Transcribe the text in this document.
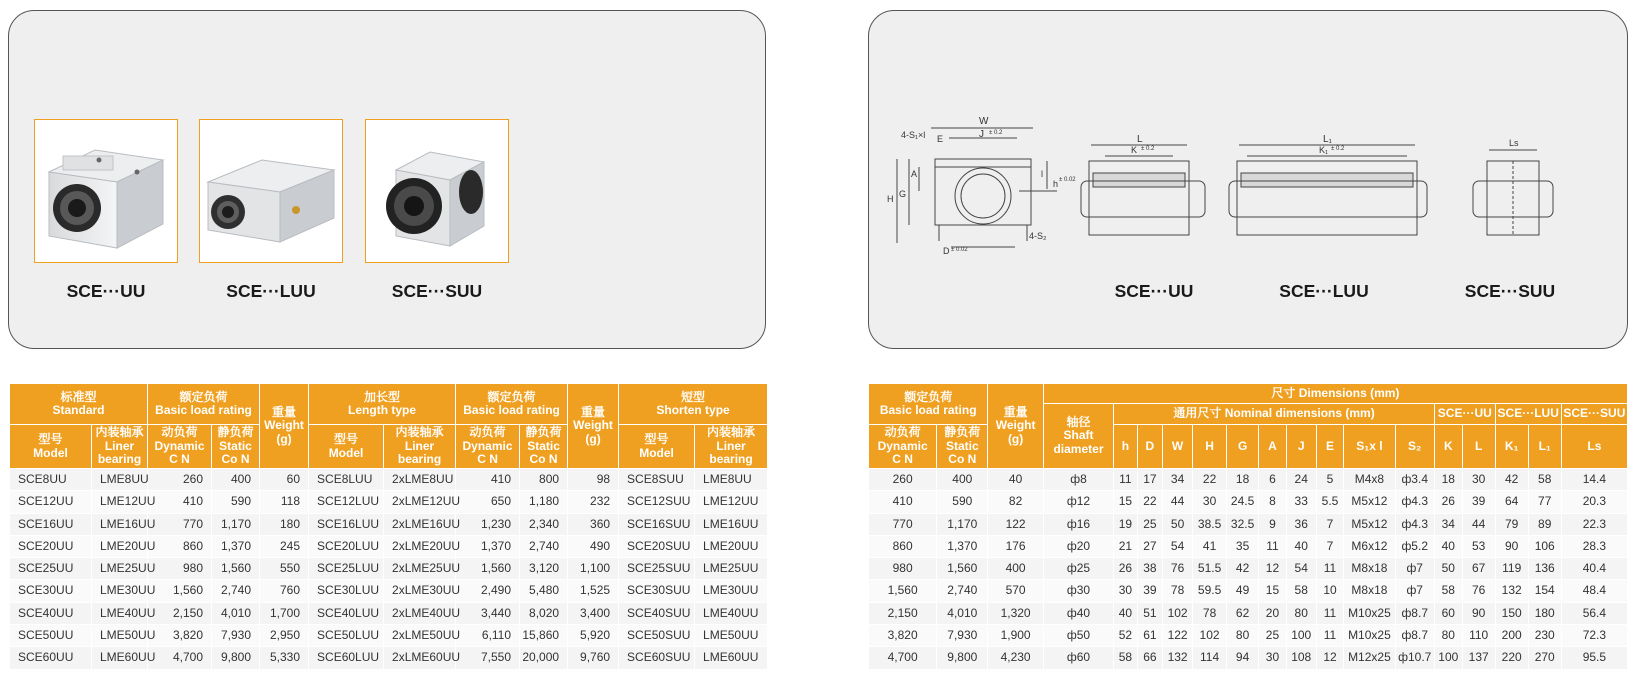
SCE···UU	SCE···LUU	SCE···SUU
W
J ± 0.2
4-S₁×l E
H G
A	l
h ± 0.02
D ± 0.02
4-S₂
L
K ± 0.2
L₁
K₁ ± 0.2
Ls
SCE···UU	SCE···LUU	SCE···SUU
标准型
Standard		额定负荷
Basic load rating		重量
Weight
(g)	加长型
Length type		额定负荷
Basic load rating		重量
Weight
(g)	短型
Shorten type	
型号
Model	内装轴承
Liner
bearing	动负荷
Dynamic
C N	静负荷
Static
Co N		型号
Model	内装轴承
Liner
bearing	动负荷
Dynamic
C N	静负荷
Static
Co N		型号
Model	内装轴承
Liner
bearing
SCE8UU	LME8UU	260	400	60	SCE8LUU	2xLME8UU	410	800	98	SCE8SUU	LME8UU
SCE12UU	LME12UU	410	590	118	SCE12LUU	2xLME12UU	650	1,180	232	SCE12SUU	LME12UU
SCE16UU	LME16UU	770	1,170	180	SCE16LUU	2xLME16UU	1,230	2,340	360	SCE16SUU	LME16UU
SCE20UU	LME20UU	860	1,370	245	SCE20LUU	2xLME20UU	1,370	2,740	490	SCE20SUU	LME20UU
SCE25UU	LME25UU	980	1,560	550	SCE25LUU	2xLME25UU	1,560	3,120	1,100	SCE25SUU	LME25UU
SCE30UU	LME30UU	1,560	2,740	760	SCE30LUU	2xLME30UU	2,490	5,480	1,525	SCE30SUU	LME30UU
SCE40UU	LME40UU	2,150	4,010	1,700	SCE40LUU	2xLME40UU	3,440	8,020	3,400	SCE40SUU	LME40UU
SCE50UU	LME50UU	3,820	7,930	2,950	SCE50LUU	2xLME50UU	6,110	15,860	5,920	SCE50SUU	LME50UU
SCE60UU	LME60UU	4,700	9,800	5,330	SCE60LUU	2xLME60UU	7,550	20,000	9,760	SCE60SUU	LME60UU
额定负荷
Basic load rating		重量
Weight
(g)	尺寸 Dimensions (mm)															
			轴径
Shaft
diameter	通用尺寸 Nominal dimensions (mm)										SCE···UU		SCE···LUU		SCE···SUU
动负荷
Dynamic
C N	静负荷
Static
Co N			h	D	W	H	G	A	J	E	S₁x l	S₂	K	L	K₁	L₁	Ls
260	400	40	ф8	11	17	34	22	18	6	24	5	M4x8	ф3.4	18	30	42	58	14.4
410	590	82	ф12	15	22	44	30	24.5	8	33	5.5	M5x12	ф4.3	26	39	64	77	20.3
770	1,170	122	ф16	19	25	50	38.5	32.5	9	36	7	M5x12	ф4.3	34	44	79	89	22.3
860	1,370	176	ф20	21	27	54	41	35	11	40	7	M6x12	ф5.2	40	53	90	106	28.3
980	1,560	400	ф25	26	38	76	51.5	42	12	54	11	M8x18	ф7	50	67	119	136	40.4
1,560	2,740	570	ф30	30	39	78	59.5	49	15	58	10	M8x18	ф7	58	76	132	154	48.4
2,150	4,010	1,320	ф40	40	51	102	78	62	20	80	11	M10x25	ф8.7	60	90	150	180	56.4
3,820	7,930	1,900	ф50	52	61	122	102	80	25	100	11	M10x25	ф8.7	80	110	200	230	72.3
4,700	9,800	4,230	ф60	58	66	132	114	94	30	108	12	M12x25	ф10.7	100	137	220	270	95.5
